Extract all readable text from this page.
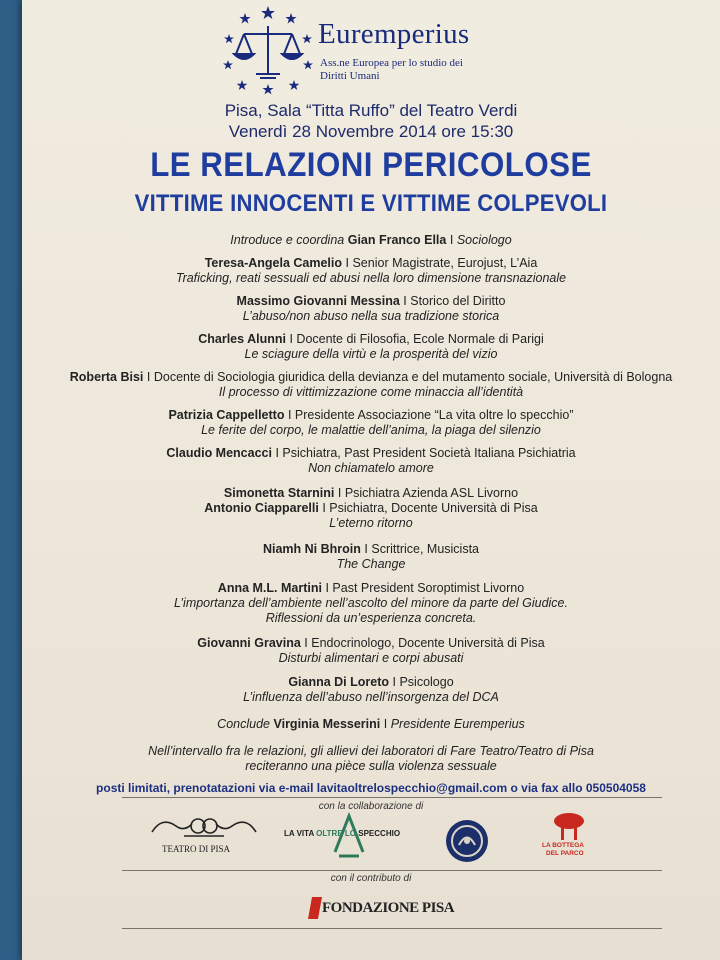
Euremperius
Ass.ne Europea per lo studio dei
Diritti Umani
Pisa, Sala “Titta Ruffo” del Teatro Verdi
Venerdì 28 Novembre 2014 ore 15:30
LE RELAZIONI PERICOLOSE
VITTIME INNOCENTI E VITTIME COLPEVOLI
Introduce e coordina Gian Franco Ella I Sociologo
Teresa-Angela Camelio I Senior Magistrate, Eurojust, L’Aia
Traficking, reati sessuali ed abusi nella loro dimensione transnazionale
Massimo Giovanni Messina I Storico del Diritto
L’abuso/non abuso nella sua tradizione storica
Charles Alunni I Docente di Filosofia, Ecole Normale di Parigi
Le sciagure della virtù e la prosperità del vizio
Roberta Bisi I Docente di Sociologia giuridica della devianza e del mutamento sociale, Università di Bologna
Il processo di vittimizzazione come minaccia all’identità
Patrizia Cappelletto I Presidente Associazione “La vita oltre lo specchio”
Le ferite del corpo, le malattie dell’anima, la piaga del silenzio
Claudio Mencacci I Psichiatra, Past President Società Italiana Psichiatria
Non chiamatelo amore
Simonetta Starnini I Psichiatra Azienda ASL Livorno
Antonio Ciapparelli I Psichiatra, Docente Università di Pisa
L’eterno ritorno
Niamh Ni Bhroin I Scrittrice, Musicista
The Change
Anna M.L. Martini I Past President Soroptimist Livorno
L’importanza dell’ambiente nell’ascolto del minore da parte del Giudice.
Riflessioni da un’esperienza concreta.
Giovanni Gravina I Endocrinologo, Docente Università di Pisa
Disturbi alimentari e corpi abusati
Gianna Di Loreto I Psicologo
L’influenza dell’abuso nell’insorgenza del DCA
Conclude Virginia Messerini I Presidente Euremperius
Nell’intervallo fra le relazioni, gli allievi dei laboratori di Fare Teatro/Teatro di Pisa
reciteranno una pièce sulla violenza sessuale
posti limitati, prenotatazioni via e-mail lavitaoltrelospecchio@gmail.com o via fax allo 050504058
con la collaborazione di
TEATRO DI PISA
LA VITA OLTRE LO SPECCHIO
LA BOTTEGA
DEL PARCO
con il contributo di
FONDAZIONE PISA
